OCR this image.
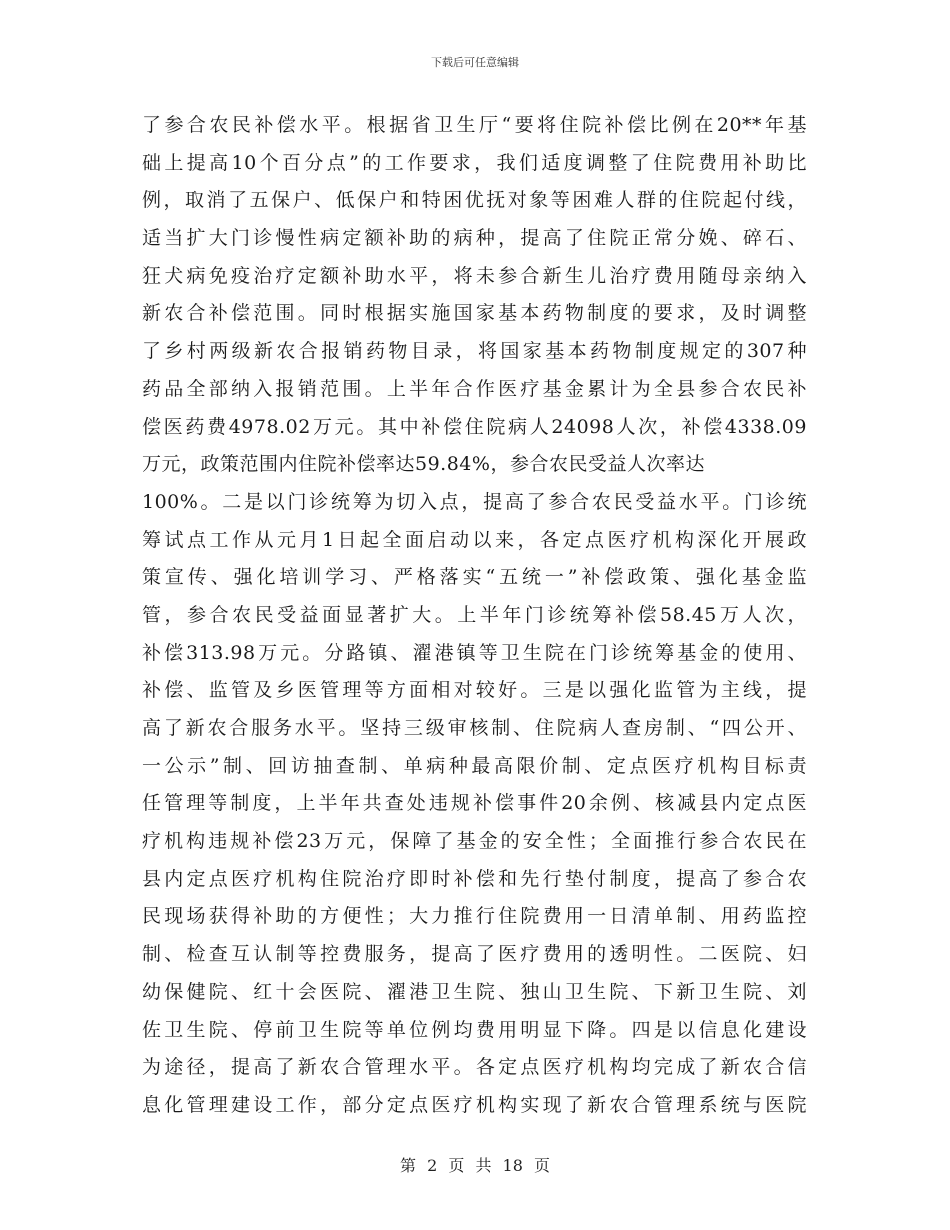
下载后可任意编辑
了参合农民补偿水平。根据省卫生厅“要将住院补偿比例在20**年基
础上提高10个百分点”的工作要求，我们适度调整了住院费用补助比
例，取消了五保户、低保户和特困优抚对象等困难人群的住院起付线，
适当扩大门诊慢性病定额补助的病种，提高了住院正常分娩、碎石、
狂犬病免疫治疗定额补助水平，将未参合新生儿治疗费用随母亲纳入
新农合补偿范围。同时根据实施国家基本药物制度的要求，及时调整
了乡村两级新农合报销药物目录，将国家基本药物制度规定的307种
药品全部纳入报销范围。上半年合作医疗基金累计为全县参合农民补
偿医药费4978.02万元。其中补偿住院病人24098人次，补偿4338.09
万元，政策范围内住院补偿率达59.84%，参合农民受益人次率达
100%。二是以门诊统筹为切入点，提高了参合农民受益水平。门诊统
筹试点工作从元月1日起全面启动以来，各定点医疗机构深化开展政
策宣传、强化培训学习、严格落实“五统一”补偿政策、强化基金监
管，参合农民受益面显著扩大。上半年门诊统筹补偿58.45万人次，
补偿313.98万元。分路镇、濯港镇等卫生院在门诊统筹基金的使用、
补偿、监管及乡医管理等方面相对较好。三是以强化监管为主线，提
高了新农合服务水平。坚持三级审核制、住院病人查房制、“四公开、
一公示”制、回访抽查制、单病种最高限价制、定点医疗机构目标责
任管理等制度，上半年共查处违规补偿事件20余例、核减县内定点医
疗机构违规补偿23万元，保障了基金的安全性；全面推行参合农民在
县内定点医疗机构住院治疗即时补偿和先行垫付制度，提高了参合农
民现场获得补助的方便性；大力推行住院费用一日清单制、用药监控
制、检查互认制等控费服务，提高了医疗费用的透明性。二医院、妇
幼保健院、红十会医院、濯港卫生院、独山卫生院、下新卫生院、刘
佐卫生院、停前卫生院等单位例均费用明显下降。四是以信息化建设
为途径，提高了新农合管理水平。各定点医疗机构均完成了新农合信
息化管理建设工作，部分定点医疗机构实现了新农合管理系统与医院
第 2 页 共 18 页
